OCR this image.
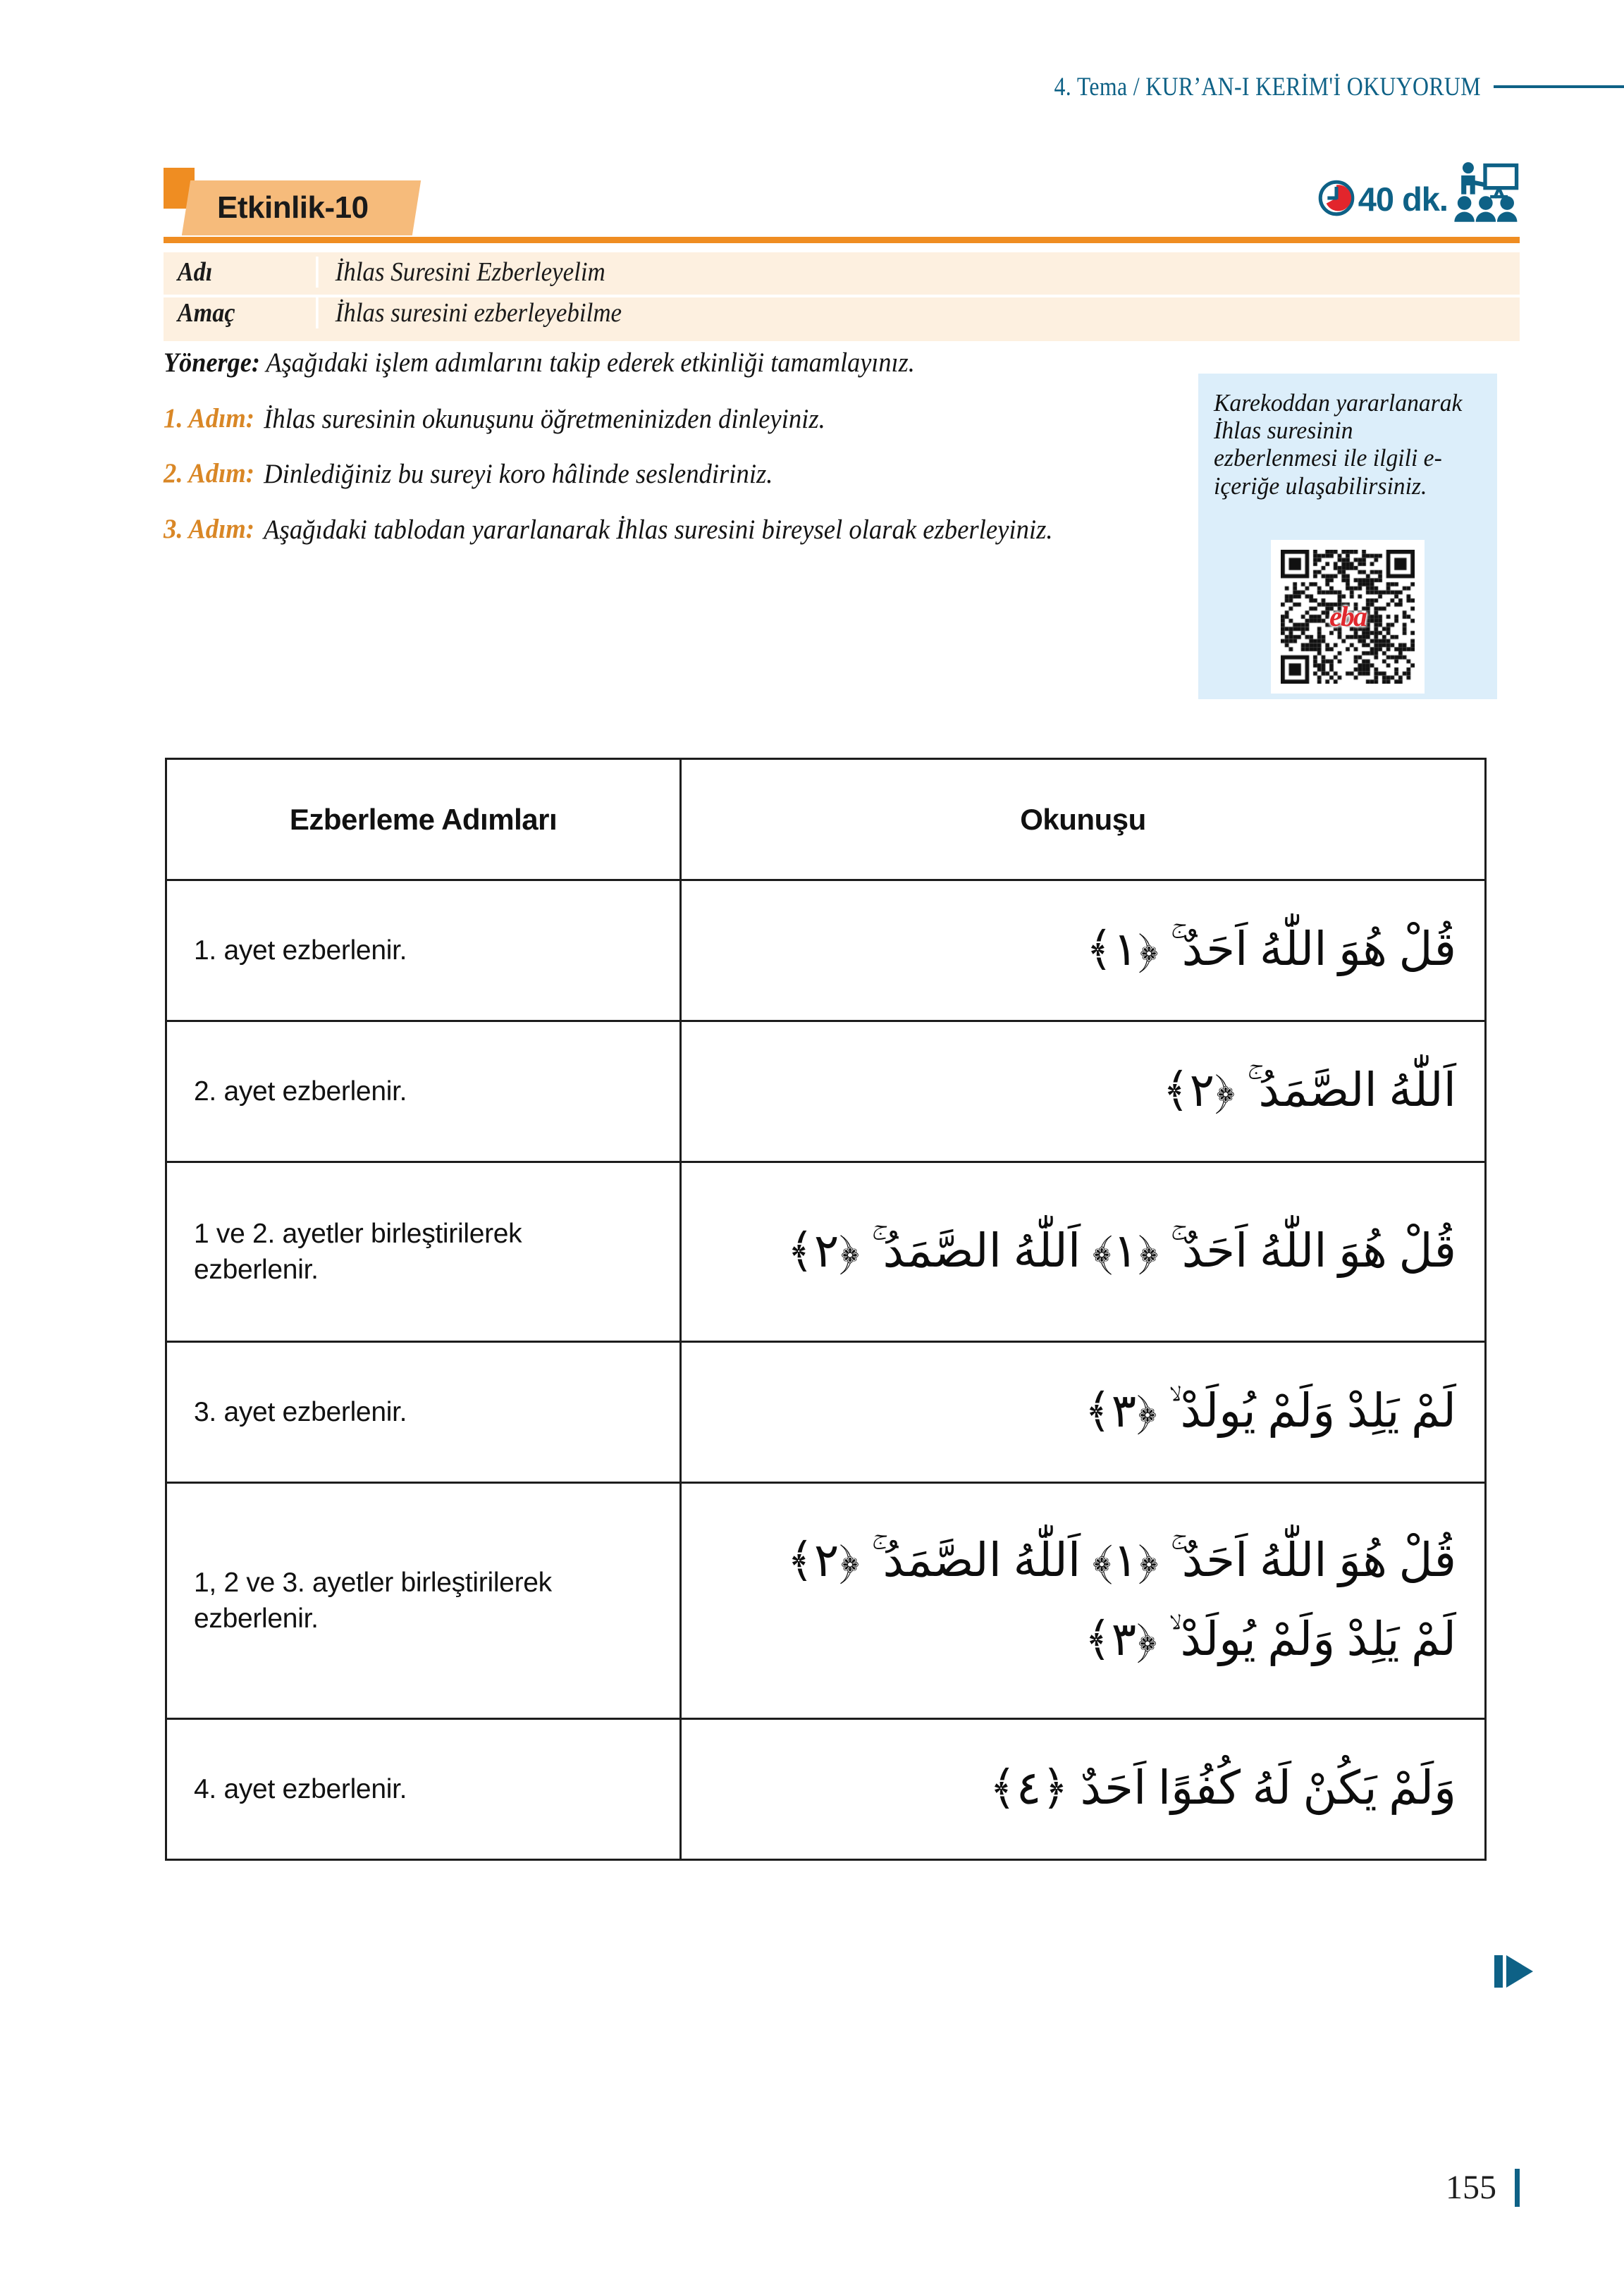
4. Tema / KUR’AN-I KERİM'İ OKUYORUM
Etkinlik-10	40 dk.
Adı	İhlas Suresini Ezberleyelim
Amaç	İhlas suresini ezberleyebilme
Yönerge: Aşağıdaki işlem adımlarını takip ederek etkinliği tamamlayınız.
1. Adım: İhlas suresinin okunuşunu öğretmeninizden dinleyiniz.
2. Adım: Dinlediğiniz bu sureyi koro hâlinde seslendiriniz.
3. Adım: Aşağıdaki tablodan yararlanarak İhlas suresini bireysel olarak ezberleyiniz.
Karekoddan yararlanarak İhlas suresinin ezberlenmesi ile ilgili e-içeriğe ulaşabilirsiniz.
eba
Ezberleme Adımları	Okunuşu
1. ayet ezberlenir.	قُلْ هُوَ اللّٰهُ اَحَدٌ ۚ ﴿١﴾

2. ayet ezberlenir.	اَللّٰهُ الصَّمَدُ ۚ ﴿٢﴾

1 ve 2. ayetler birleştirilerek ezberlenir.	قُلْ هُوَ اللّٰهُ اَحَدٌ ۚ ﴿١﴾ اَللّٰهُ الصَّمَدُ ۚ ﴿٢﴾

3. ayet ezberlenir.	لَمْ يَلِدْ وَلَمْ يُولَدْ ۙ ﴿٣﴾

1, 2 ve 3. ayetler birleştirilerek ezberlenir.	قُلْ هُوَ اللّٰهُ اَحَدٌ ۚ ﴿١﴾ اَللّٰهُ الصَّمَدُ ۚ ﴿٢﴾
لَمْ يَلِدْ وَلَمْ يُولَدْ ۙ ﴿٣﴾

4. ayet ezberlenir.	وَلَمْ يَكُنْ لَهُ كُفُوًا اَحَدٌ ﴿٤﴾
155
